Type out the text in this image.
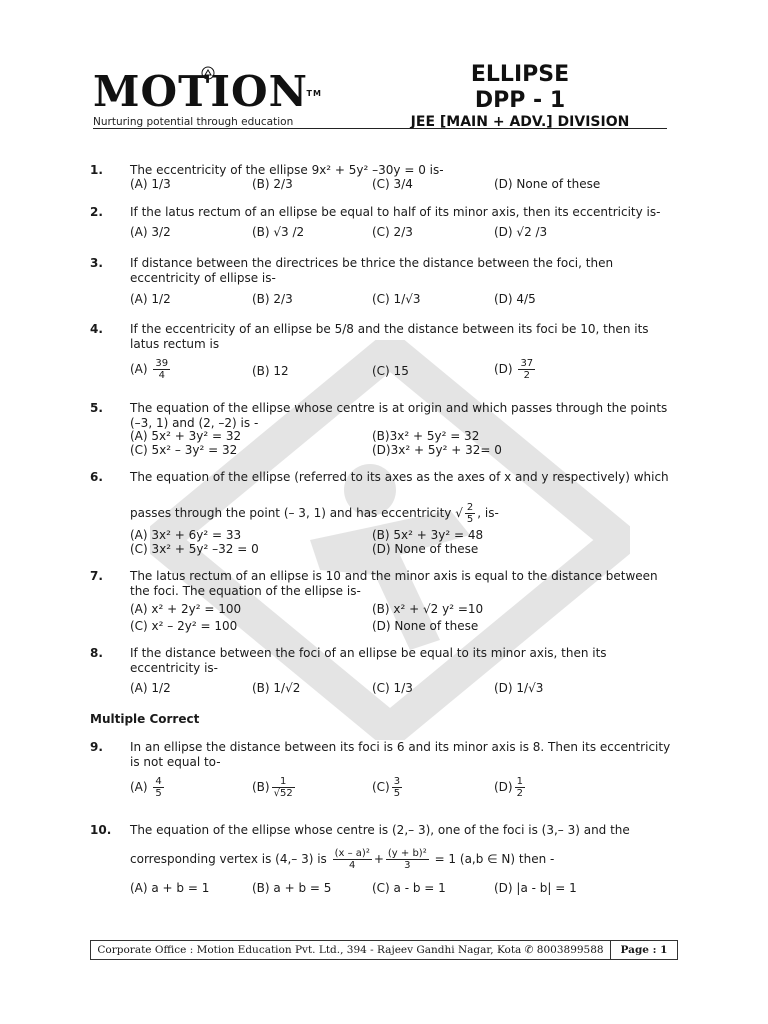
MOTION
TM
Nurturing potential through education
ELLIPSE
DPP - 1
JEE [MAIN + ADV.] DIVISION
1. The eccentricity of the ellipse 9x² + 5y² –30y = 0 is-
(A) 1/3	(B) 2/3	(C) 3/4	(D) None of these
2. If the latus rectum of an ellipse be equal to half of its minor axis, then its eccentricity is-
(A) 3/2	(B) √3 /2	(C) 2/3	(D) √2 /3
3. If distance between the directrices be thrice the distance between the foci, then eccentricity of ellipse is-
(A) 1/2	(B) 2/3	(C) 1/√3	(D) 4/5
4. If the eccentricity of an ellipse be 5/8 and the distance between its foci be 10, then its latus rectum is
$(A) \frac{39}{4}$	(B) 12	(C) 15	$(D) \frac{37}{2}$
5. The equation of the ellipse whose centre is at origin and which passes through the points (–3, 1) and (2, –2) is -
(A) 5x² + 3y² = 32	(B)3x² + 5y² = 32
(C) 5x² – 3y² = 32	(D)3x² + 5y² + 32= 0
6. The equation of the ellipse (referred to its axes as the axes of x and y respectively) which
passes through the point (– 3, 1) and has eccentricity √ $\frac{2}{5}$ , is-
(A) 3x² + 6y² = 33	(B) 5x² + 3y² = 48
(C) 3x² + 5y² –32 = 0	(D) None of these
7. The latus rectum of an ellipse is 10 and the minor axis is equal to the distance between the foci. The equation of the ellipse is-
(A) x² + 2y² = 100	(B) x² + √2 y² =10
(C) x² – 2y² = 100	(D) None of these
8. If the distance between the foci of an ellipse be equal to its minor axis, then its eccentricity is-
(A) 1/2	(B) 1/√2	(C) 1/3	(D) 1/√3
Multiple Correct
9. In an ellipse the distance between its foci is 6 and its minor axis is 8. Then its eccentricity is not equal to-
$(A) \frac{4}{5}$	$(B) \frac{1}{√52}$	$(C) \frac{3}{5}$	$(D) \frac{1}{2}$
10. The equation of the ellipse whose centre is (2,– 3), one of the foci is (3,– 3) and the
corresponding vertex is (4,– 3) is $\frac{\text{(x – a)²}}{4} + \frac{\text{(y + b)²}}{3} = 1$ (a,b ∈ N) then -
(A) a + b = 1	(B) a + b = 5	(C) a - b = 1	(D) |a - b| = 1
Corporate Office : Motion Education Pvt. Ltd., 394 - Rajeev Gandhi Nagar, Kota ✆ 8003899588	Page : 1
